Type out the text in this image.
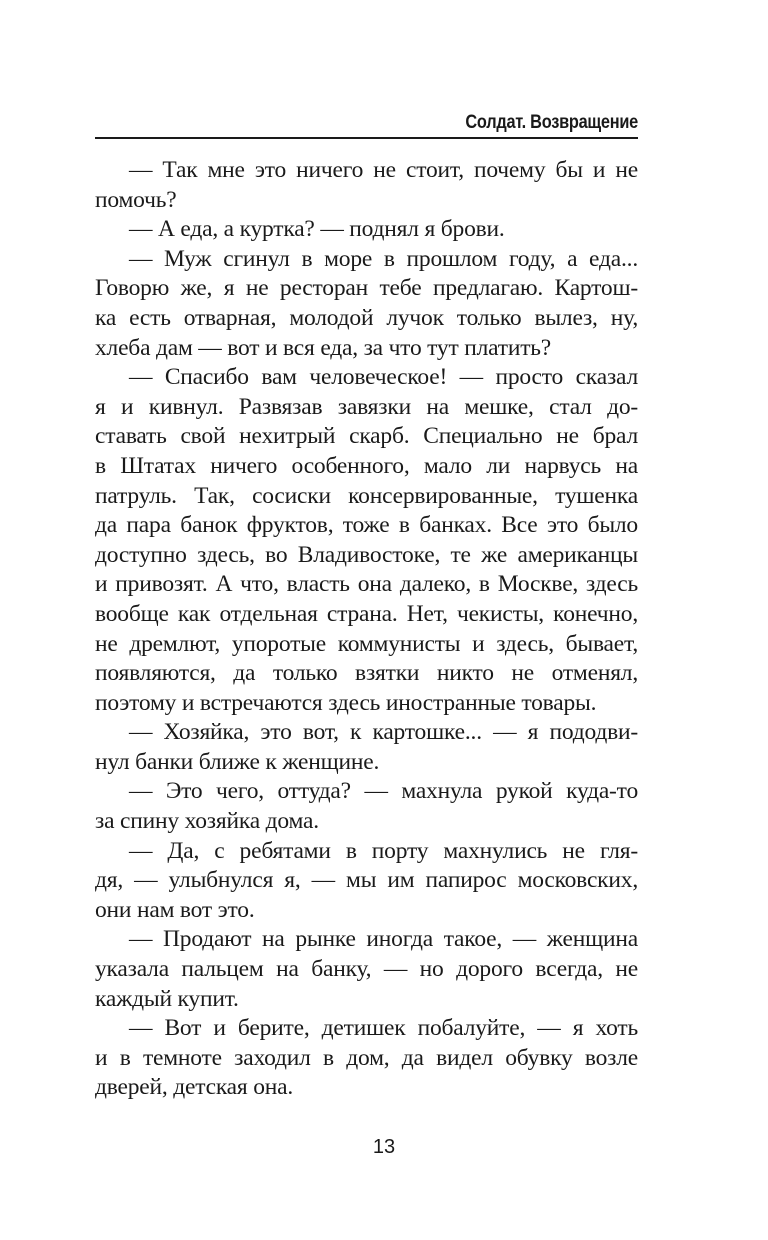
Солдат. Возвращение
— Так мне это ничего не стоит, почему бы и не
помочь?
— А еда, а куртка? — поднял я брови.
— Муж сгинул в море в прошлом году, а еда...
Говорю же, я не ресторан тебе предлагаю. Картош-
ка есть отварная, молодой лучок только вылез, ну,
хлеба дам — вот и вся еда, за что тут платить?
— Спасибо вам человеческое! — просто сказал
я и кивнул. Развязав завязки на мешке, стал до-
ставать свой нехитрый скарб. Специально не брал
в Штатах ничего особенного, мало ли нарвусь на
патруль. Так, сосиски консервированные, тушенка
да пара банок фруктов, тоже в банках. Все это было
доступно здесь, во Владивостоке, те же американцы
и привозят. А что, власть она далеко, в Москве, здесь
вообще как отдельная страна. Нет, чекисты, конечно,
не дремлют, упоротые коммунисты и здесь, бывает,
появляются, да только взятки никто не отменял,
поэтому и встречаются здесь иностранные товары.
— Хозяйка, это вот, к картошке... — я пододви-
нул банки ближе к женщине.
— Это чего, оттуда? — махнула рукой куда-то
за спину хозяйка дома.
— Да, с ребятами в порту махнулись не гля-
дя, — улыбнулся я, — мы им папирос московских,
они нам вот это.
— Продают на рынке иногда такое, — женщина
указала пальцем на банку, — но дорого всегда, не
каждый купит.
— Вот и берите, детишек побалуйте, — я хоть
и в темноте заходил в дом, да видел обувку возле
дверей, детская она.
13
